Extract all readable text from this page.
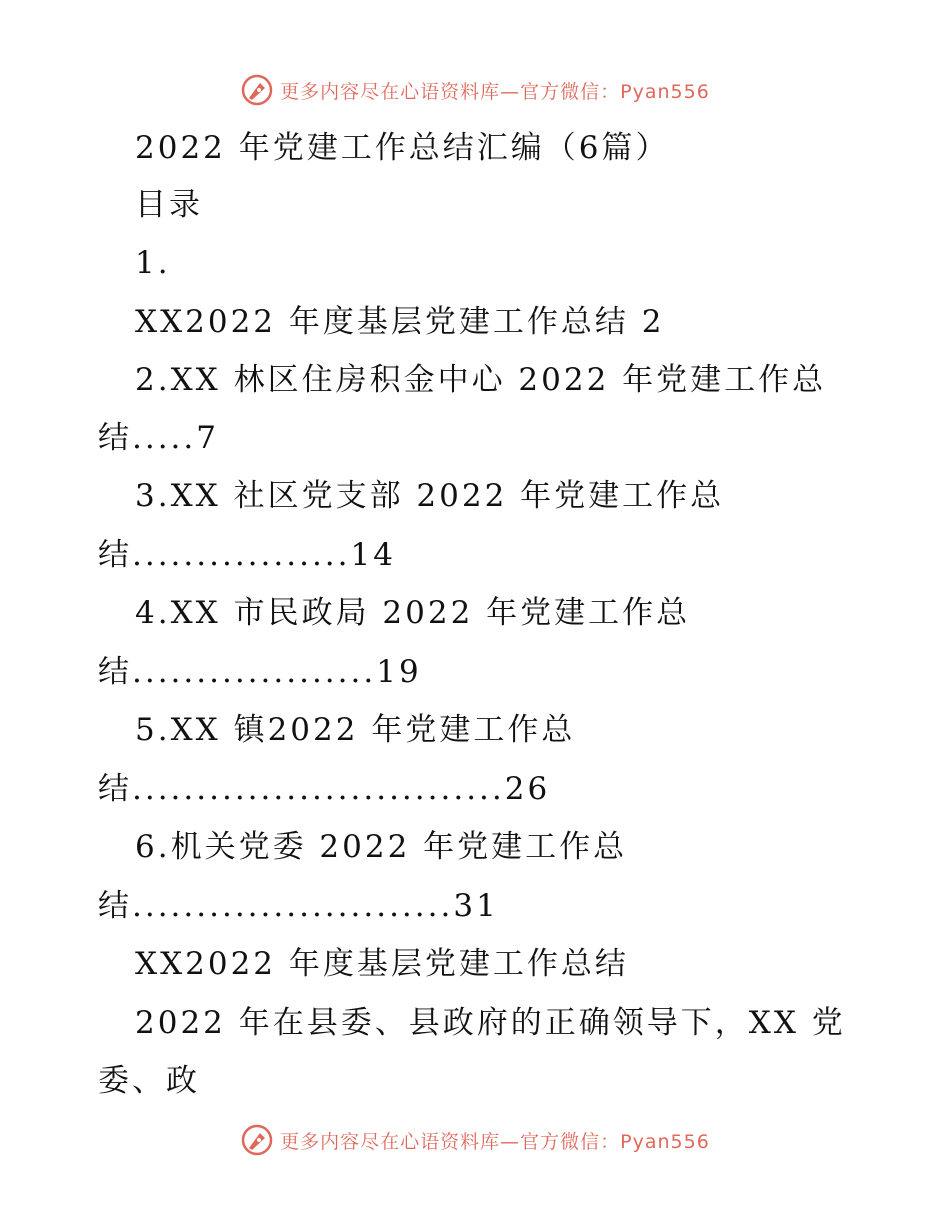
更多内容尽在心语资料库—官方微信：Pyan556
2022 年党建工作总结汇编（6篇）
目录
1.
XX2022 年度基层党建工作总结 2
2.XX 林区住房积金中心 2022 年党建工作总
结.....7
3.XX 社区党支部 2022 年党建工作总
结.................14
4.XX 市民政局 2022 年党建工作总
结...................19
5.XX 镇2022 年党建工作总
结.............................26
6.机关党委 2022 年党建工作总
结.........................31
XX2022 年度基层党建工作总结
2022 年在县委、县政府的正确领导下，XX 党
委、政
更多内容尽在心语资料库—官方微信：Pyan556
